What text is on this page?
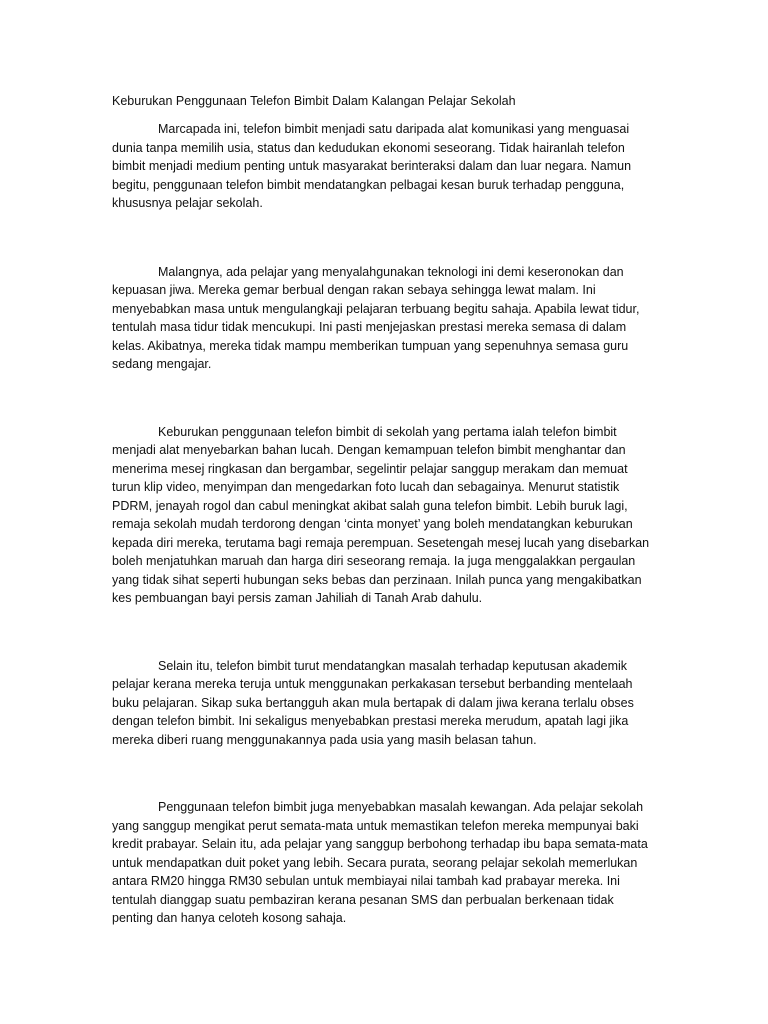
Keburukan Penggunaan Telefon Bimbit Dalam Kalangan Pelajar Sekolah

Marcapada ini, telefon bimbit menjadi satu daripada alat komunikasi yang menguasai dunia tanpa memilih usia, status dan kedudukan ekonomi seseorang. Tidak hairanlah telefon bimbit menjadi medium penting untuk masyarakat berinteraksi dalam dan luar negara. Namun begitu, penggunaan telefon bimbit mendatangkan pelbagai kesan buruk terhadap pengguna, khususnya pelajar sekolah.

Malangnya, ada pelajar yang menyalahgunakan teknologi ini demi keseronokan dan kepuasan jiwa. Mereka gemar berbual dengan rakan sebaya sehingga lewat malam. Ini menyebabkan masa untuk mengulangkaji pelajaran terbuang begitu sahaja. Apabila lewat tidur, tentulah masa tidur tidak mencukupi. Ini pasti menjejaskan prestasi mereka semasa di dalam kelas. Akibatnya, mereka tidak mampu memberikan tumpuan yang sepenuhnya semasa guru sedang mengajar.

Keburukan penggunaan telefon bimbit di sekolah yang pertama ialah telefon bimbit menjadi alat menyebarkan bahan lucah. Dengan kemampuan telefon bimbit menghantar dan menerima mesej ringkasan dan bergambar, segelintir pelajar sanggup merakam dan memuat turun klip video, menyimpan dan mengedarkan foto lucah dan sebagainya. Menurut statistik PDRM, jenayah rogol dan cabul meningkat akibat salah guna telefon bimbit. Lebih buruk lagi, remaja sekolah mudah terdorong dengan ‘cinta monyet’ yang boleh mendatangkan keburukan kepada diri mereka, terutama bagi remaja perempuan. Sesetengah mesej lucah yang disebarkan boleh menjatuhkan maruah dan harga diri seseorang remaja. Ia juga menggalakkan pergaulan yang tidak sihat seperti hubungan seks bebas dan perzinaan. Inilah punca yang mengakibatkan kes pembuangan bayi persis zaman Jahiliah di Tanah Arab dahulu.

Selain itu, telefon bimbit turut mendatangkan masalah terhadap keputusan akademik pelajar kerana mereka teruja untuk menggunakan perkakasan tersebut berbanding mentelaah buku pelajaran. Sikap suka bertangguh akan mula bertapak di dalam jiwa kerana terlalu obses dengan telefon bimbit. Ini sekaligus menyebabkan prestasi mereka merudum, apatah lagi jika mereka diberi ruang menggunakannya pada usia yang masih belasan tahun.

Penggunaan telefon bimbit juga menyebabkan masalah kewangan. Ada pelajar sekolah yang sanggup mengikat perut semata-mata untuk memastikan telefon mereka mempunyai baki kredit prabayar. Selain itu, ada pelajar yang sanggup berbohong terhadap ibu bapa semata-mata untuk mendapatkan duit poket yang lebih. Secara purata, seorang pelajar sekolah memerlukan antara RM20 hingga RM30 sebulan untuk membiayai nilai tambah kad prabayar mereka. Ini tentulah dianggap suatu pembaziran kerana pesanan SMS dan perbualan berkenaan tidak penting dan hanya celoteh kosong sahaja.
